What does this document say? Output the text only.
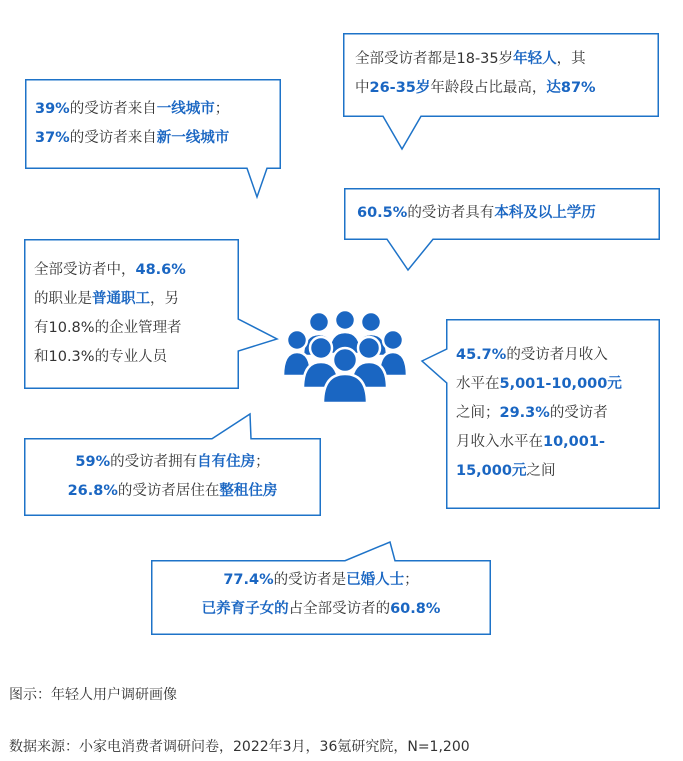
39%的受访者来自一线城市；
37%的受访者来自新一线城市
全部受访者都是18-35岁年轻人，其
中26-35岁年龄段占比最高，达87%
60.5%的受访者具有本科及以上学历
全部受访者中，48.6%
的职业是普通职工，另
有10.8%的企业管理者
和10.3%的专业人员	45.7%的受访者月收入
水平在5,001-10,000元
之间；29.3%的受访者
月收入水平在10,001-
15,000元之间
59%的受访者拥有自有住房；
26.8%的受访者居住在整租住房
77.4%的受访者是已婚人士；
已养育子女的占全部受访者的60.8%
图示：年轻人用户调研画像
数据来源：小家电消费者调研问卷，2022年3月，36氪研究院，N=1,200
